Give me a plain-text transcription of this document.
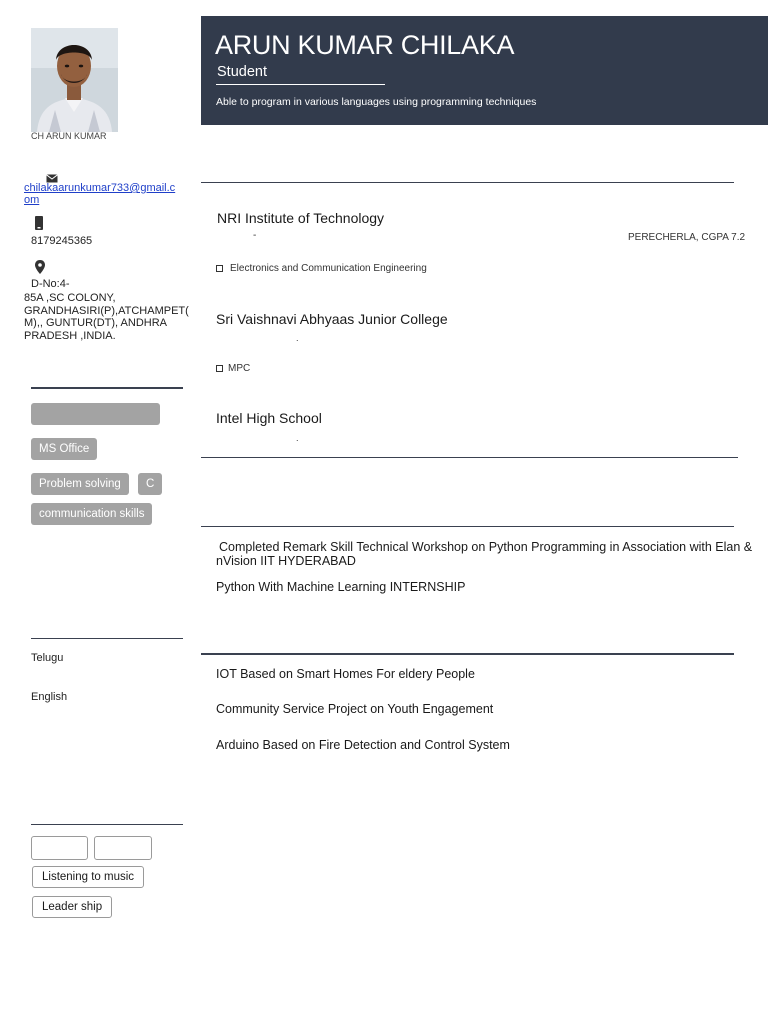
CH ARUN KUMAR
chilakaarunkumar733@gmail.com
8179245365
D-No:4-
85A ,SC COLONY, GRANDHASIRI(P),ATCHAMPET( M),, GUNTUR(DT), ANDHRA PRADESH ,INDIA.
MS Office
Problem solving	C
communication skills
Telugu
English
Listening to music
Leader ship
ARUN KUMAR CHILAKA
Student
Able to program in various languages using programming techniques
NRI Institute of Technology
-	PERECHERLA, CGPA 7.2
Electronics and Communication Engineering
Sri Vaishnavi Abhyaas Junior College
.
MPC
Intel High School
.
Completed Remark Skill Technical Workshop on Python Programming in Association with Elan & nVision IIT HYDERABAD
Python With Machine Learning INTERNSHIP
IOT Based on Smart Homes For eldery People
Community Service Project on Youth Engagement
Arduino Based on Fire Detection and Control System
